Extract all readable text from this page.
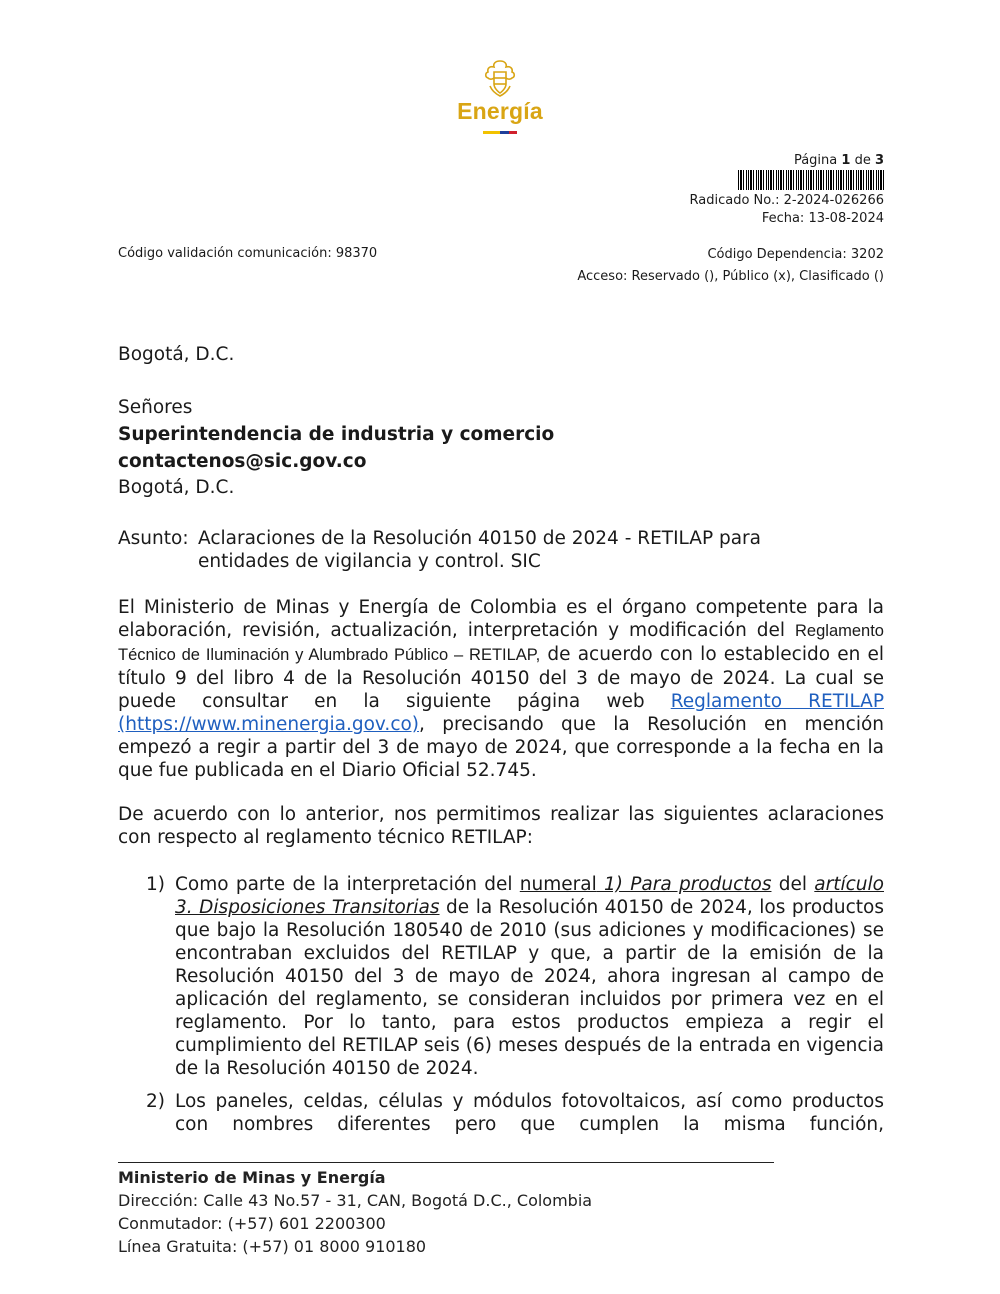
Energía
Página 1 de 3
Radicado No.: 2-2024-026266
Fecha: 13-08-2024
Código validación comunicación: 98370	Código Dependencia: 3202
Acceso: Reservado (), Público (x), Clasificado ()
Bogotá, D.C.
Señores
Superintendencia de industria y comercio
contactenos@sic.gov.co
Bogotá, D.C.
Asunto: Aclaraciones de la Resolución 40150 de 2024 - RETILAP para
entidades de vigilancia y control. SIC
El Ministerio de Minas y Energía de Colombia es el órgano competente para la elaboración, revisión, actualización, interpretación y modificación del Reglamento Técnico de Iluminación y Alumbrado Público – RETILAP, de acuerdo con lo establecido en el título 9 del libro 4 de la Resolución 40150 del 3 de mayo de 2024. La cual se puede consultar en la siguiente página web Reglamento RETILAP (https://www.minenergia.gov.co), precisando que la Resolución en mención empezó a regir a partir del 3 de mayo de 2024, que corresponde a la fecha en la que fue publicada en el Diario Oficial 52.745.
De acuerdo con lo anterior, nos permitimos realizar las siguientes aclaraciones con respecto al reglamento técnico RETILAP:
1) Como parte de la interpretación del numeral 1) Para productos del artículo 3. Disposiciones Transitorias de la Resolución 40150 de 2024, los productos que bajo la Resolución 180540 de 2010 (sus adiciones y modificaciones) se encontraban excluidos del RETILAP y que, a partir de la emisión de la Resolución 40150 del 3 de mayo de 2024, ahora ingresan al campo de aplicación del reglamento, se consideran incluidos por primera vez en el reglamento. Por lo tanto, para estos productos empieza a regir el cumplimiento del RETILAP seis (6) meses después de la entrada en vigencia de la Resolución 40150 de 2024.
2) Los paneles, celdas, células y módulos fotovoltaicos, así como productos con nombres diferentes pero que cumplen la misma función,
Ministerio de Minas y Energía
Dirección: Calle 43 No.57 - 31, CAN, Bogotá D.C., Colombia
Conmutador: (+57) 601 2200300
Línea Gratuita: (+57) 01 8000 910180
